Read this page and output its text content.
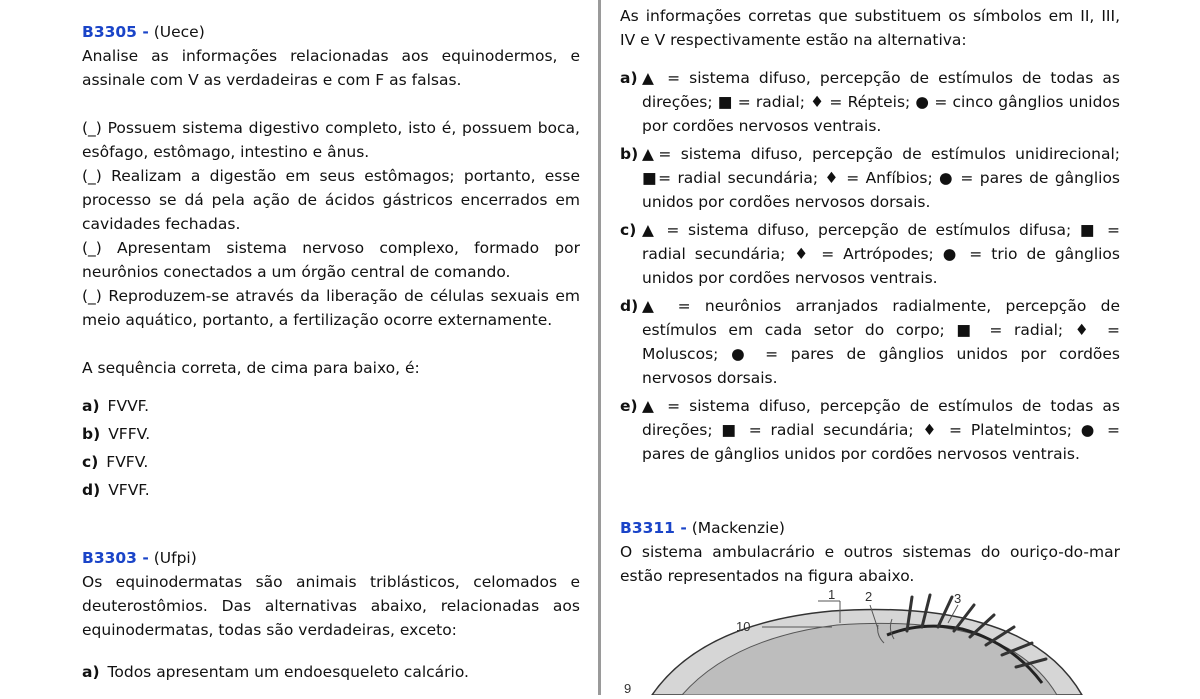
B3305 - (Uece)

Analise as informações relacionadas aos equinodermos, e assinale com V as verdadeiras e com F as falsas.

(_) Possuem sistema digestivo completo, isto é, possuem boca, esôfago, estômago, intestino e ânus.

(_) Realizam a digestão em seus estômagos; portanto, esse processo se dá pela ação de ácidos gástricos encerrados em cavidades fechadas.

(_) Apresentam sistema nervoso complexo, formado por neurônios conectados a um órgão central de comando.

(_) Reproduzem-se através da liberação de células sexuais em meio aquático, portanto, a fertilização ocorre externamente.

A sequência correta, de cima para baixo, é:

a) FVVF.
b) VFFV.
c) FVFV.
d) VFVF.
B3303 - (Ufpi)

Os equinodermatas são animais triblásticos, celomados e deuterostômios. Das alternativas abaixo, relacionadas aos equinodermatas, todas são verdadeiras, exceto:

a) Todos apresentam um endoesqueleto calcário.

As informações corretas que substituem os símbolos em II, III, IV e V respectivamente estão na alternativa:

a) ▲ = sistema difuso, percepção de estímulos de todas as direções; ■ = radial; ♦ = Répteis; ● = cinco gânglios unidos por cordões nervosos ventrais.
b) ▲= sistema difuso, percepção de estímulos unidirecional; ■= radial secundária; ♦ = Anfíbios; ● = pares de gânglios unidos por cordões nervosos dorsais.
c) ▲ = sistema difuso, percepção de estímulos difusa; ■ = radial secundária; ♦ = Artrópodes; ● = trio de gânglios unidos por cordões nervosos ventrais.
d) ▲ = neurônios arranjados radialmente, percepção de estímulos em cada setor do corpo; ■ = radial; ♦ = Moluscos; ● = pares de gânglios unidos por cordões nervosos dorsais.
e) ▲ = sistema difuso, percepção de estímulos de todas as direções; ■ = radial secundária; ♦ = Platelmintos; ● = pares de gânglios unidos por cordões nervosos ventrais.
B3311 - (Mackenzie)

O sistema ambulacrário e outros sistemas do ouriço-do-mar estão representados na figura abaixo.

1 2	3
10
9
